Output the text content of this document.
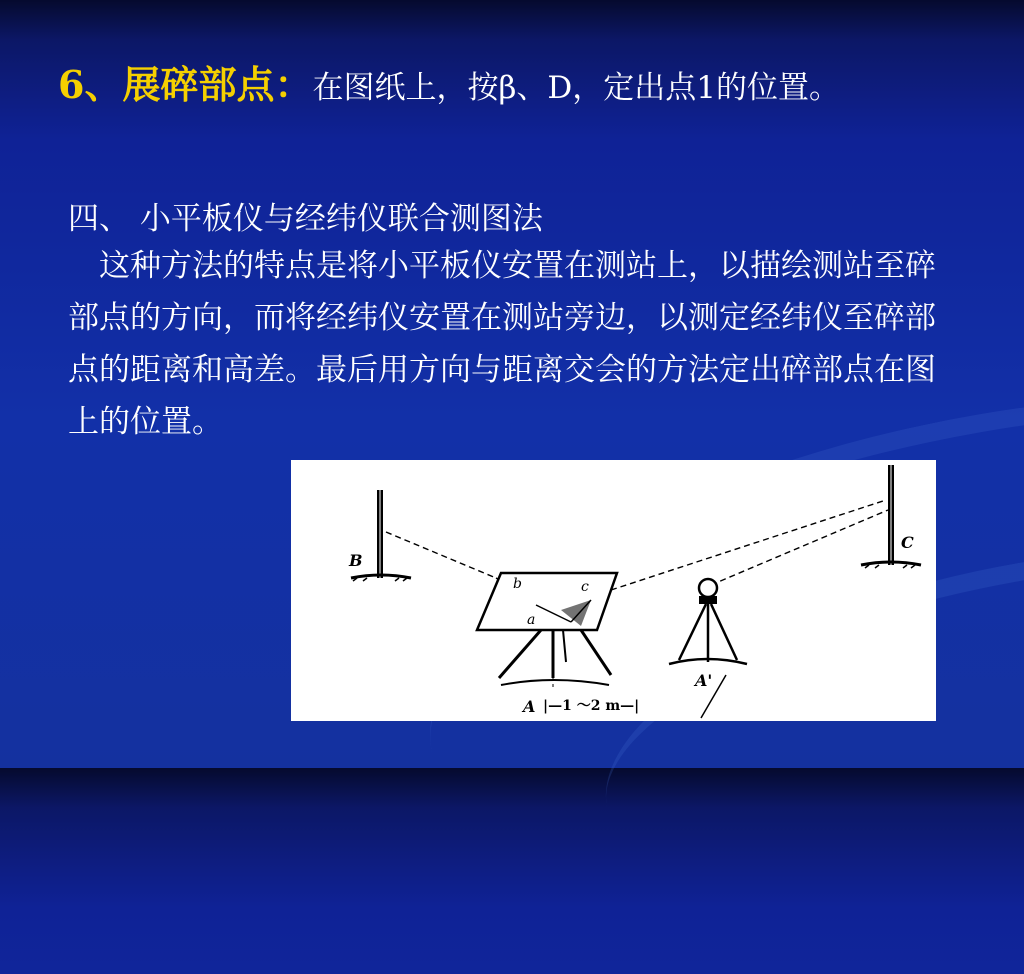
6、展碎部点：在图纸上，按β、D，定出点1的位置。
四、 小平板仪与经纬仪联合测图法
　这种方法的特点是将小平板仪安置在测站上，以描绘测站至碎部点的方向，而将经纬仪安置在测站旁边，以测定经纬仪至碎部点的距离和高差。最后用方向与距离交会的方法定出碎部点在图上的位置。
B
C
b	c
a
A'
A |—1 ～2 m—|
